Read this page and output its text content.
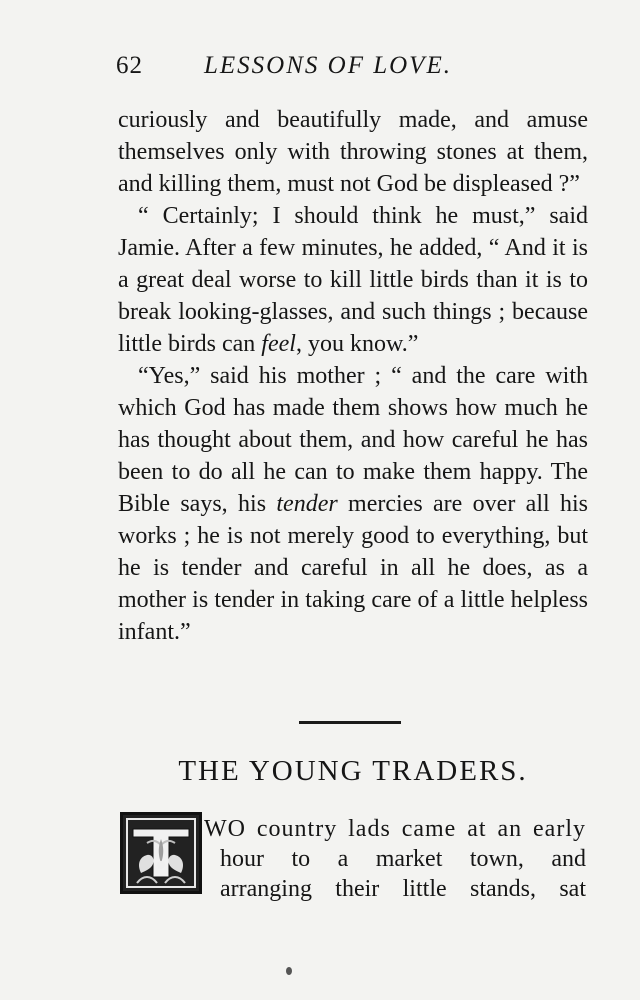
62 LESSONS OF LOVE.

curiously and beautifully made, and amuse themselves only with throwing stones at them, and killing them, must not God be displeased ?”

“ Certainly; I should think he must,” said Jamie. After a few minutes, he added, “ And it is a great deal worse to kill little birds than it is to break looking-glasses, and such things ; because little birds can feel, you know.”

“Yes,” said his mother ; “ and the care with which God has made them shows how much he has thought about them, and how careful he has been to do all he can to make them happy. The Bible says, his tender mercies are over all his works ; he is not merely good to everything, but he is tender and careful in all he does, as a mother is tender in taking care of a little helpless infant.”

THE YOUNG TRADERS.
WO country lads came at an early
hour to a market town, and
arranging their little stands, sat
